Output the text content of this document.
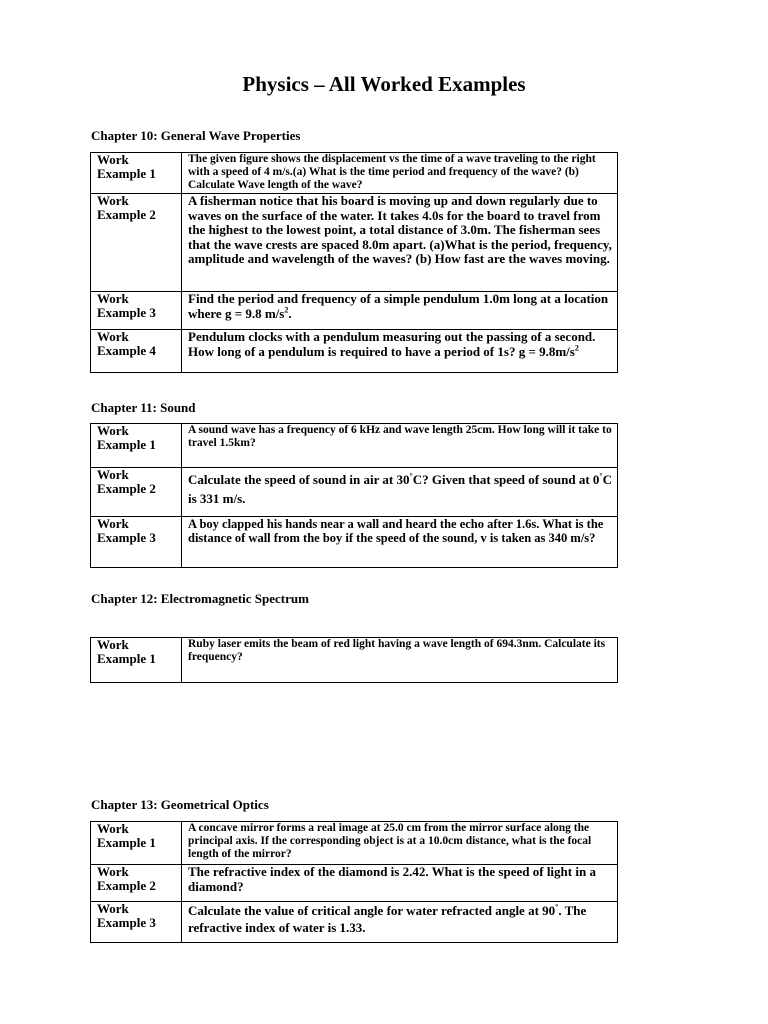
Physics – All Worked Examples
Chapter 10: General Wave Properties
Work
Example 1	The given figure shows the displacement vs the time of a wave traveling to the right with a speed of 4 m/s.(a) What is the time period and frequency of the wave? (b) Calculate Wave length of the wave?
Work
Example 2	A fisherman notice that his board is moving up and down regularly due to waves on the surface of the water. It takes 4.0s for the board to travel from the highest to the lowest point, a total distance of 3.0m. The fisherman sees that the wave crests are spaced 8.0m apart. (a)What is the period, frequency, amplitude and wavelength of the waves? (b) How fast are the waves moving.
Work
Example 3	Find the period and frequency of a simple pendulum 1.0m long at a location where g = 9.8 $m/s^2$.
Work
Example 4	Pendulum clocks with a pendulum measuring out the passing of a second. How long of a pendulum is required to have a period of 1s? $g = 9.8m/s^2$
Chapter 11: Sound
Work
Example 1	A sound wave has a frequency of 6 kHz and wave length 25cm. How long will it take to travel 1.5km?
Work
Example 2	Calculate the speed of sound in air at 30°C? Given that speed of sound at 0°C is 331 m/s.
Work
Example 3	A boy clapped his hands near a wall and heard the echo after 1.6s. What is the distance of wall from the boy if the speed of the sound, v is taken as 340 m/s?
Chapter 12: Electromagnetic Spectrum
Work
Example 1	Ruby laser emits the beam of red light having a wave length of 694.3nm. Calculate its frequency?
Chapter 13: Geometrical Optics
Work
Example 1	A concave mirror forms a real image at 25.0 cm from the mirror surface along the principal axis. If the corresponding object is at a 10.0cm distance, what is the focal length of the mirror?
Work
Example 2	The refractive index of the diamond is 2.42. What is the speed of light in a diamond?
Work
Example 3	Calculate the value of critical angle for water refracted angle at 90°. The refractive index of water is 1.33.
